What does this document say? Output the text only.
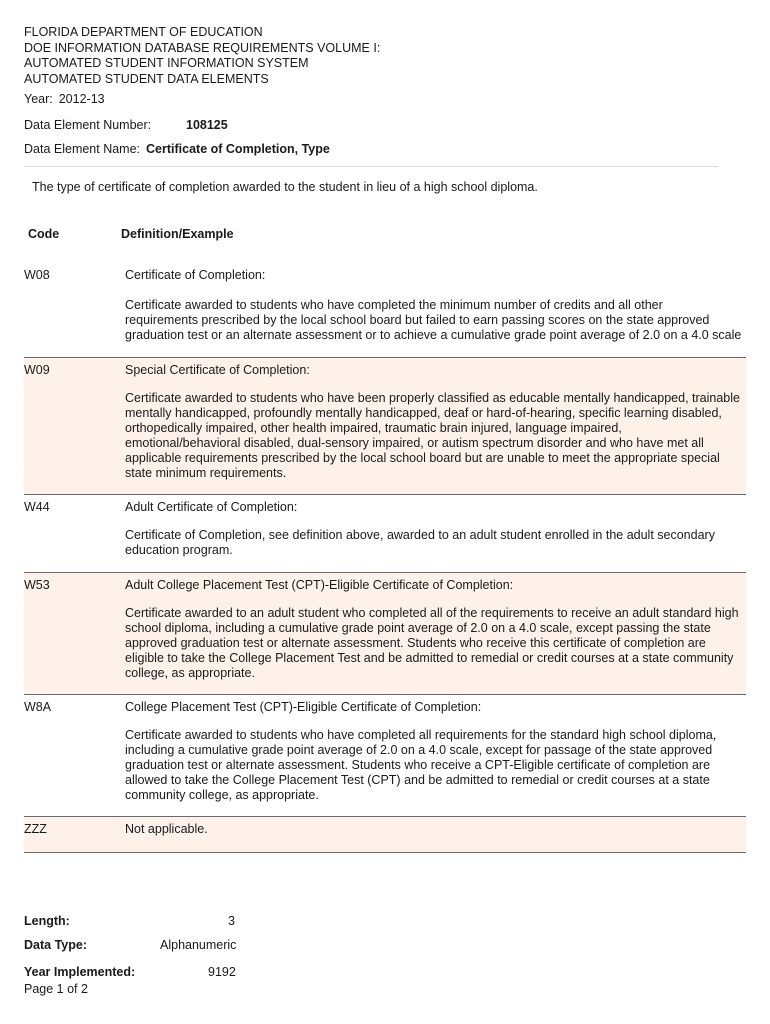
FLORIDA DEPARTMENT OF EDUCATION
DOE INFORMATION DATABASE REQUIREMENTS VOLUME I:
AUTOMATED STUDENT INFORMATION SYSTEM
AUTOMATED STUDENT DATA ELEMENTS
Year: 2012-13
Data Element Number:	108125
Data Element Name: Certificate of Completion, Type
The type of certificate of completion awarded to the student in lieu of a high school diploma.
Code	Definition/Example
W08	Certificate of Completion:
Certificate awarded to students who have completed the minimum number of credits and all other
requirements prescribed by the local school board but failed to earn passing scores on the state approved
graduation test or an alternate assessment or to achieve a cumulative grade point average of 2.0 on a 4.0 scale
W09	Special Certificate of Completion:
Certificate awarded to students who have been properly classified as educable mentally handicapped, trainable
mentally handicapped, profoundly mentally handicapped, deaf or hard-of-hearing, specific learning disabled,
orthopedically impaired, other health impaired, traumatic brain injured, language impaired,
emotional/behavioral disabled, dual-sensory impaired, or autism spectrum disorder and who have met all
applicable requirements prescribed by the local school board but are unable to meet the appropriate special
state minimum requirements.
W44	Adult Certificate of Completion:
Certificate of Completion, see definition above, awarded to an adult student enrolled in the adult secondary
education program.
W53	Adult College Placement Test (CPT)-Eligible Certificate of Completion:
Certificate awarded to an adult student who completed all of the requirements to receive an adult standard high
school diploma, including a cumulative grade point average of 2.0 on a 4.0 scale, except passing the state
approved graduation test or alternate assessment. Students who receive this certificate of completion are
eligible to take the College Placement Test and be admitted to remedial or credit courses at a state community
college, as appropriate.
W8A	College Placement Test (CPT)-Eligible Certificate of Completion:
Certificate awarded to students who have completed all requirements for the standard high school diploma,
including a cumulative grade point average of 2.0 on a 4.0 scale, except for passage of the state approved
graduation test or alternate assessment. Students who receive a CPT-Eligible certificate of completion are
allowed to take the College Placement Test (CPT) and be admitted to remedial or credit courses at a state
community college, as appropriate.
ZZZ	Not applicable.
Length:	3
Data Type:	Alphanumeric
Year Implemented:	9192
Page 1 of 2
